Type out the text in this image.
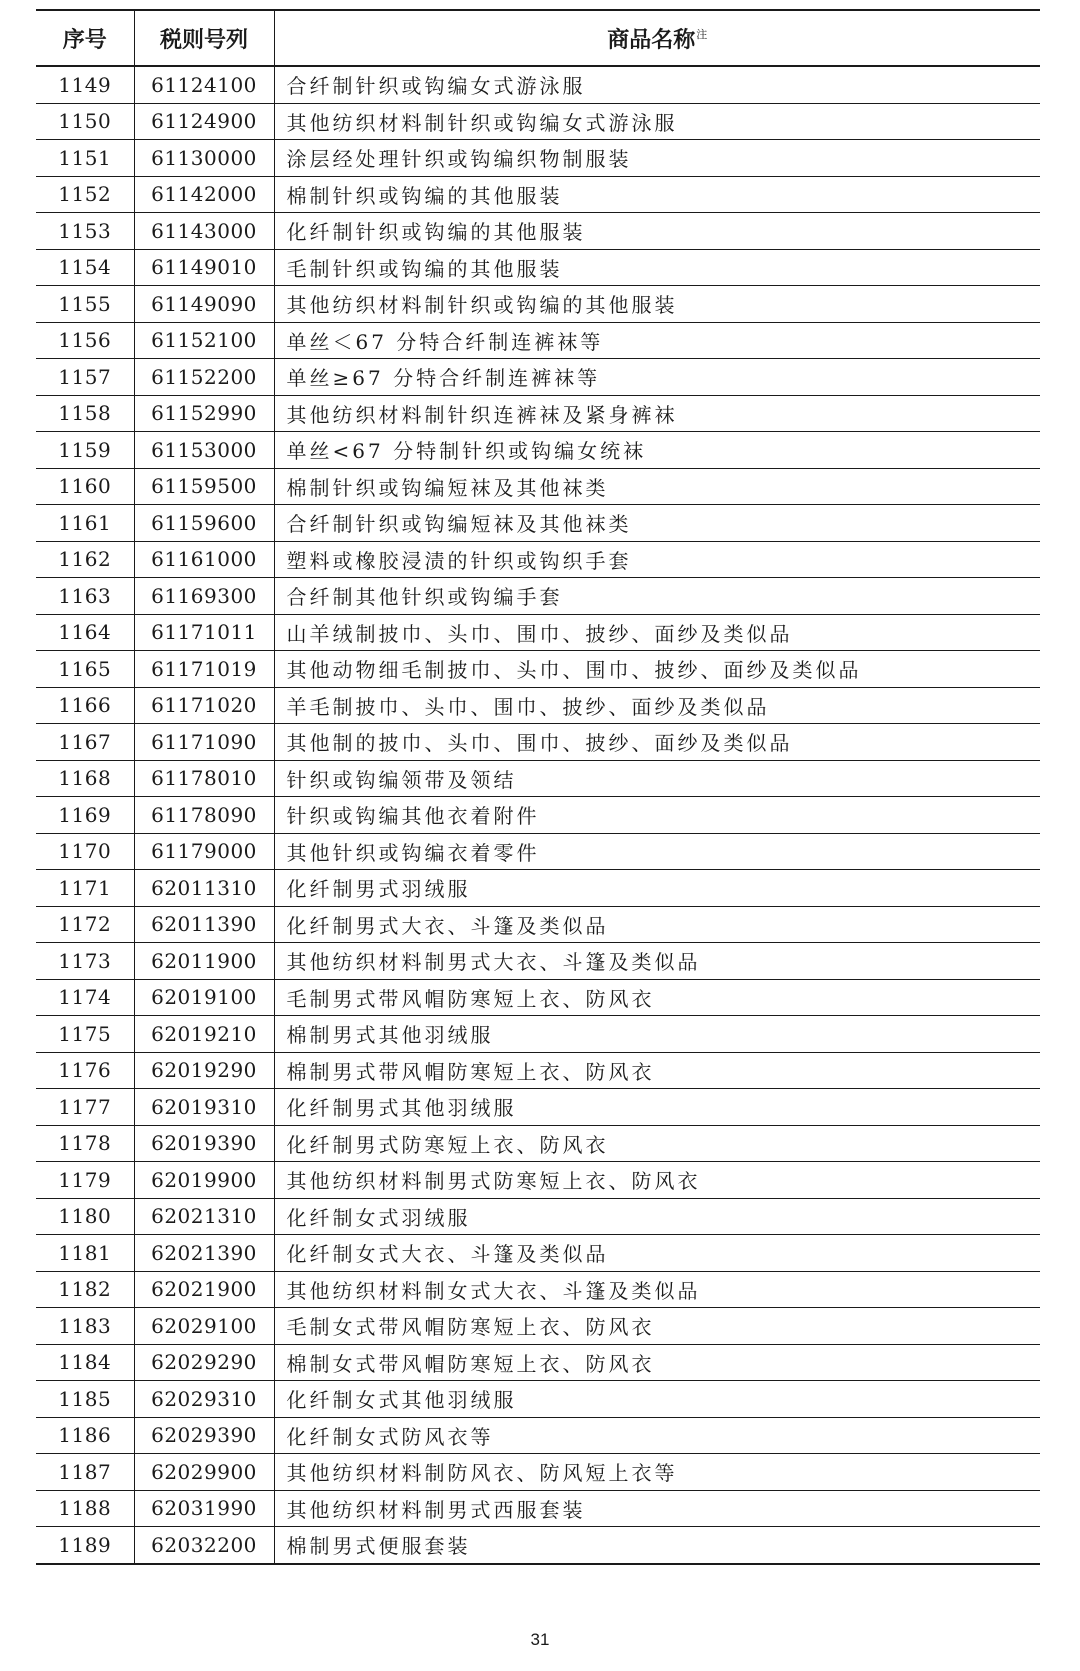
序号	税则号列	商品名称$^注$
1149	61124100	合纤制针织或钩编女式游泳服
1150	61124900	其他纺织材料制针织或钩编女式游泳服
1151	61130000	涂层经处理针织或钩编织物制服装
1152	61142000	棉制针织或钩编的其他服装
1153	61143000	化纤制针织或钩编的其他服装
1154	61149010	毛制针织或钩编的其他服装
1155	61149090	其他纺织材料制针织或钩编的其他服装
1156	61152100	单丝＜67 分特合纤制连裤袜等
1157	61152200	单丝≥67 分特合纤制连裤袜等
1158	61152990	其他纺织材料制针织连裤袜及紧身裤袜
1159	61153000	单丝<67 分特制针织或钩编女统袜
1160	61159500	棉制针织或钩编短袜及其他袜类
1161	61159600	合纤制针织或钩编短袜及其他袜类
1162	61161000	塑料或橡胶浸渍的针织或钩织手套
1163	61169300	合纤制其他针织或钩编手套
1164	61171011	山羊绒制披巾、头巾、围巾、披纱、面纱及类似品
1165	61171019	其他动物细毛制披巾、头巾、围巾、披纱、面纱及类似品
1166	61171020	羊毛制披巾、头巾、围巾、披纱、面纱及类似品
1167	61171090	其他制的披巾、头巾、围巾、披纱、面纱及类似品
1168	61178010	针织或钩编领带及领结
1169	61178090	针织或钩编其他衣着附件
1170	61179000	其他针织或钩编衣着零件
1171	62011310	化纤制男式羽绒服
1172	62011390	化纤制男式大衣、斗篷及类似品
1173	62011900	其他纺织材料制男式大衣、斗篷及类似品
1174	62019100	毛制男式带风帽防寒短上衣、防风衣
1175	62019210	棉制男式其他羽绒服
1176	62019290	棉制男式带风帽防寒短上衣、防风衣
1177	62019310	化纤制男式其他羽绒服
1178	62019390	化纤制男式防寒短上衣、防风衣
1179	62019900	其他纺织材料制男式防寒短上衣、防风衣
1180	62021310	化纤制女式羽绒服
1181	62021390	化纤制女式大衣、斗篷及类似品
1182	62021900	其他纺织材料制女式大衣、斗篷及类似品
1183	62029100	毛制女式带风帽防寒短上衣、防风衣
1184	62029290	棉制女式带风帽防寒短上衣、防风衣
1185	62029310	化纤制女式其他羽绒服
1186	62029390	化纤制女式防风衣等
1187	62029900	其他纺织材料制防风衣、防风短上衣等
1188	62031990	其他纺织材料制男式西服套装
1189	62032200	棉制男式便服套装
31
